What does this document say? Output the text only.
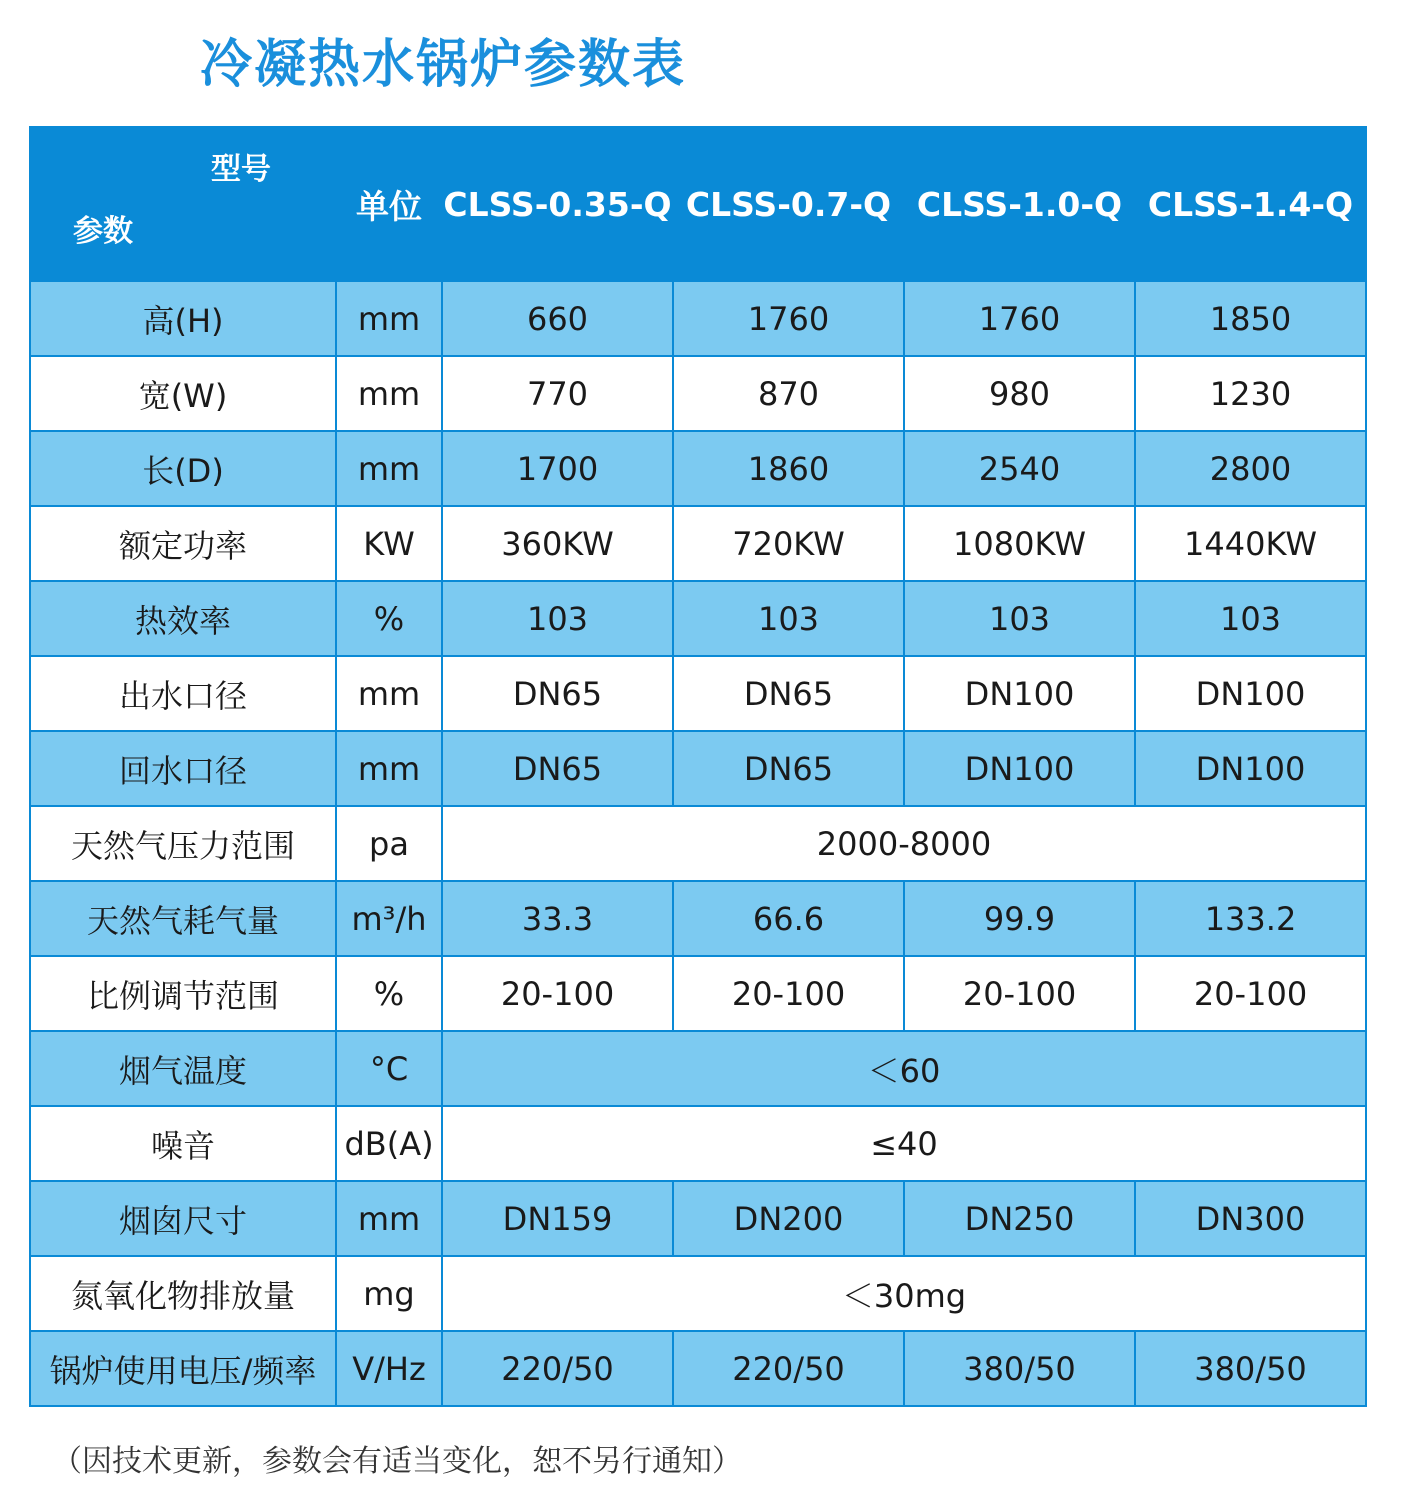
冷凝热水锅炉参数表
型号
参数	单位	CLSS-0.35-Q	CLSS-0.7-Q	CLSS-1.0-Q	CLSS-1.4-Q
高(H)	mm	660	1760	1760	1850
宽(W)	mm	770	870	980	1230
长(D)	mm	1700	1860	2540	2800
额定功率	KW	360KW	720KW	1080KW	1440KW
热效率	%	103	103	103	103
出水口径	mm	DN65	DN65	DN100	DN100
回水口径	mm	DN65	DN65	DN100	DN100
天然气压力范围	pa	2000-8000			
天然气耗气量	m³/h	33.3	66.6	99.9	133.2
比例调节范围	%	20-100	20-100	20-100	20-100
烟气温度	°C	＜60			
噪音	dB(A)	≤40			
烟囱尺寸	mm	DN159	DN200	DN250	DN300
氮氧化物排放量	mg	＜30mg			
锅炉使用电压/频率	V/Hz	220/50	220/50	380/50	380/50
（因技术更新，参数会有适当变化，恕不另行通知）
